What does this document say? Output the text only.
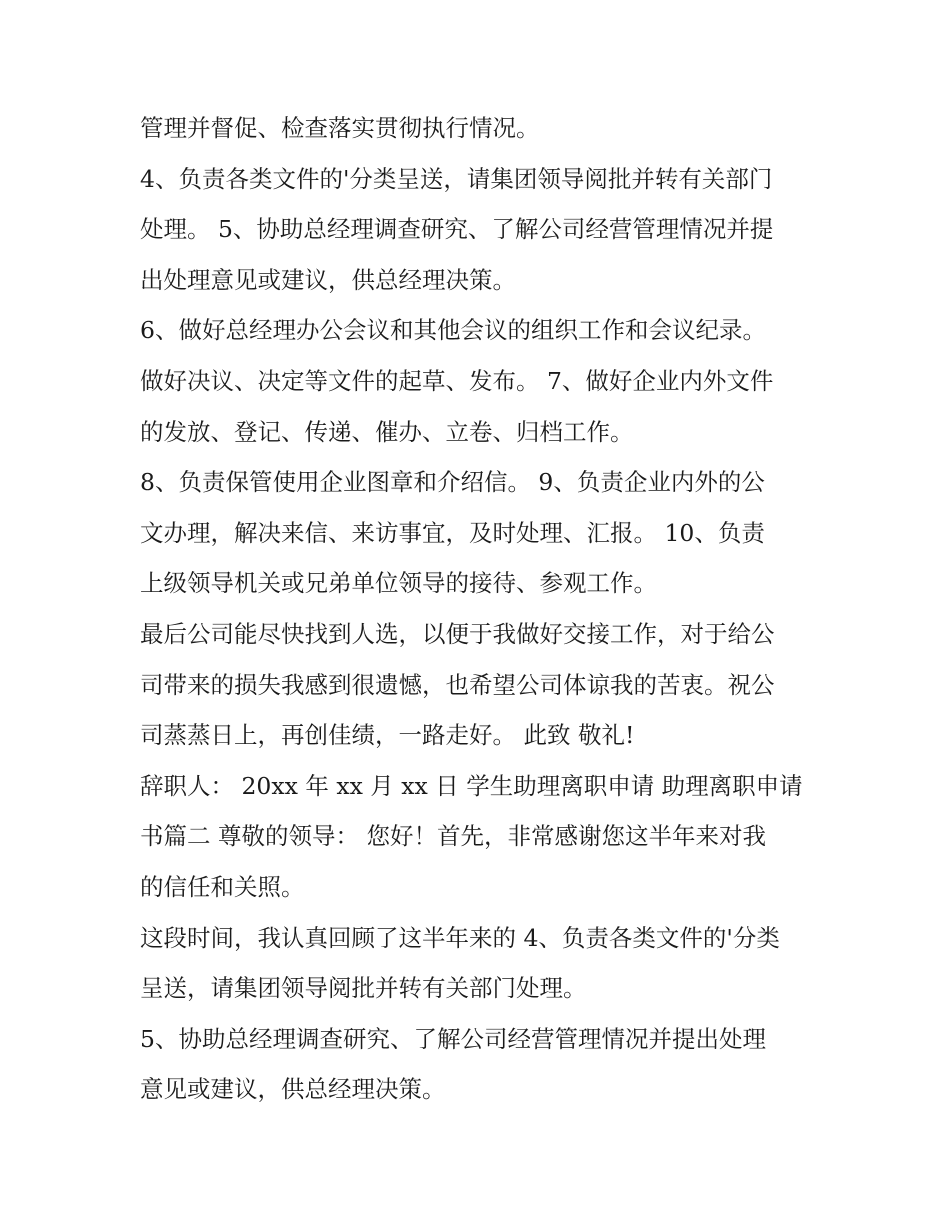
管理并督促、检查落实贯彻执行情况。
4、负责各类文件的'分类呈送，请集团领导阅批并转有关部门
处理。 5、协助总经理调查研究、了解公司经营管理情况并提
出处理意见或建议，供总经理决策。
6、做好总经理办公会议和其他会议的组织工作和会议纪录。
做好决议、决定等文件的起草、发布。 7、做好企业内外文件
的发放、登记、传递、催办、立卷、归档工作。
8、负责保管使用企业图章和介绍信。 9、负责企业内外的公
文办理，解决来信、来访事宜，及时处理、汇报。 10、负责
上级领导机关或兄弟单位领导的接待、参观工作。
最后公司能尽快找到人选，以便于我做好交接工作，对于给公
司带来的损失我感到很遗憾，也希望公司体谅我的苦衷。祝公
司蒸蒸日上，再创佳绩，一路走好。 此致 敬礼!
辞职人： 20xx 年 xx 月 xx 日 学生助理离职申请 助理离职申请
书篇二 尊敬的领导： 您好！首先，非常感谢您这半年来对我
的信任和关照。
这段时间，我认真回顾了这半年来的 4、负责各类文件的'分类
呈送，请集团领导阅批并转有关部门处理。
5、协助总经理调查研究、了解公司经营管理情况并提出处理
意见或建议，供总经理决策。
